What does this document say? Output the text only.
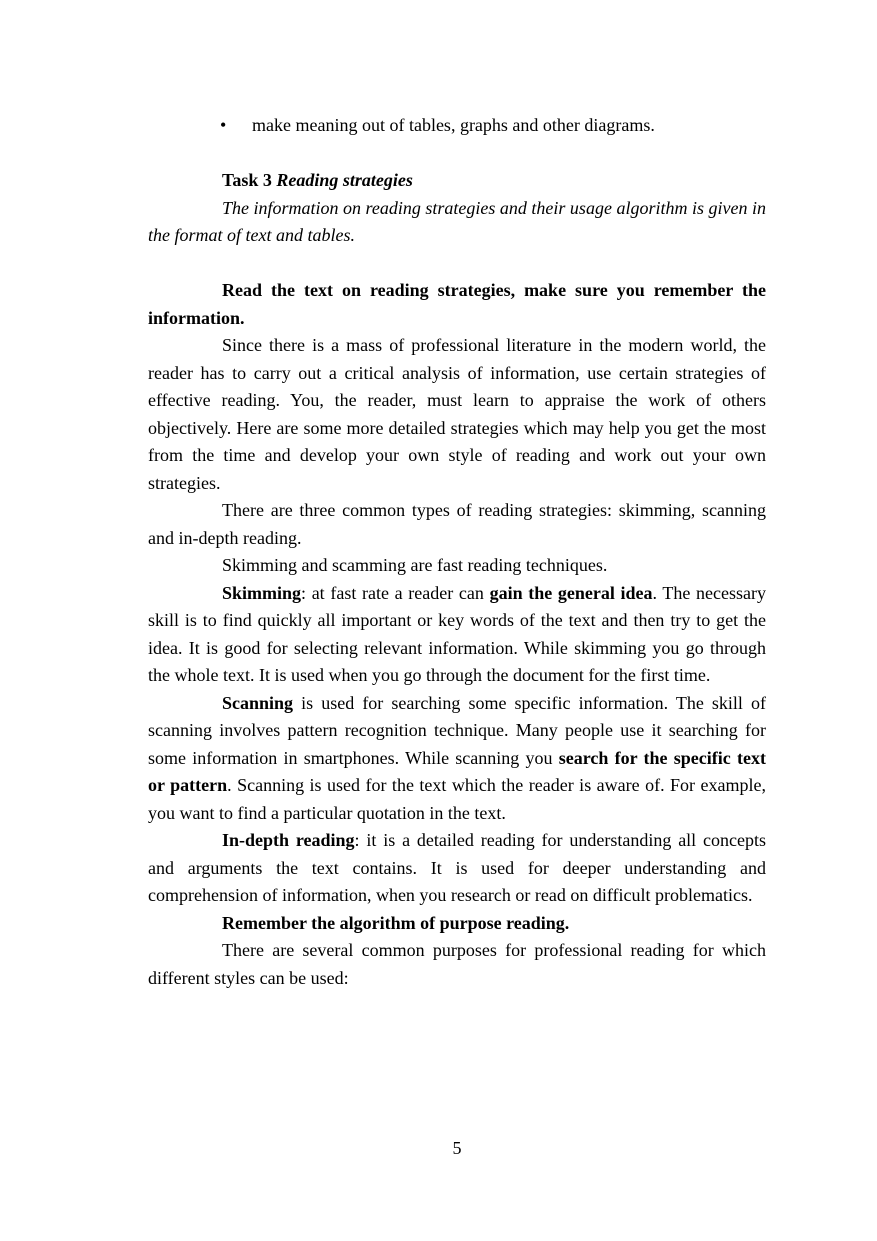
• make meaning out of tables, graphs and other diagrams.

Task 3 Reading strategies

The information on reading strategies and their usage algorithm is given in the format of text and tables.

Read the text on reading strategies, make sure you remember the information.

Since there is a mass of professional literature in the modern world, the reader has to carry out a critical analysis of information, use certain strategies of effective reading. You, the reader, must learn to appraise the work of others objectively. Here are some more detailed strategies which may help you get the most from the time and develop your own style of reading and work out your own strategies.

There are three common types of reading strategies: skimming, scanning and in-depth reading.

Skimming and scamming are fast reading techniques.

Skimming: at fast rate a reader can gain the general idea. The necessary skill is to find quickly all important or key words of the text and then try to get the idea. It is good for selecting relevant information. While skimming you go through the whole text. It is used when you go through the document for the first time.

Scanning is used for searching some specific information. The skill of scanning involves pattern recognition technique. Many people use it searching for some information in smartphones. While scanning you search for the specific text or pattern. Scanning is used for the text which the reader is aware of. For example, you want to find a particular quotation in the text.

In-depth reading: it is a detailed reading for understanding all concepts and arguments the text contains. It is used for deeper understanding and comprehension of information, when you research or read on difficult problematics.

Remember the algorithm of purpose reading.

There are several common purposes for professional reading for which different styles can be used:

5
